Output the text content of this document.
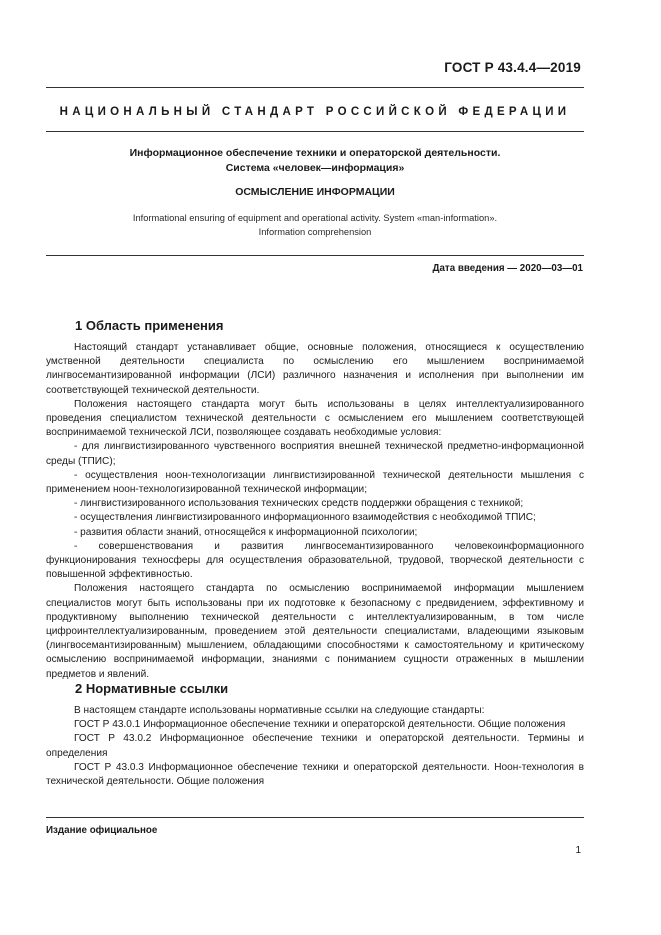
ГОСТ Р 43.4.4—2019
НАЦИОНАЛЬНЫЙ СТАНДАРТ РОССИЙСКОЙ ФЕДЕРАЦИИ
Информационное обеспечение техники и операторской деятельности.
Система «человек—информация»
ОСМЫСЛЕНИЕ ИНФОРМАЦИИ
Informational ensuring of equipment and operational activity. System «man-information».
Information comprehension
Дата введения — 2020—03—01
1 Область применения

Настоящий стандарт устанавливает общие, основные положения, относящиеся к осуществлению умственной деятельности специалиста по осмыслению его мышлением воспринимаемой лингвосемантизированной информации (ЛСИ) различного назначения и исполнения при выполнении им соответствующей технической деятельности.

Положения настоящего стандарта могут быть использованы в целях интеллектуализированного проведения специалистом технической деятельности с осмыслением его мышлением соответствующей воспринимаемой технической ЛСИ, позволяющее создавать необходимые условия:

- для лингвистизированного чувственного восприятия внешней технической предметно-информационной среды (ТПИС);

- осуществления ноон-технологизации лингвистизированной технической деятельности мышления с применением ноон-технологизированной технической информации;

- лингвистизированного использования технических средств поддержки обращения с техникой;

- осуществления лингвистизированного информационного взаимодействия с необходимой ТПИС;

- развития области знаний, относящейся к информационной психологии;

- совершенствования и развития лингвосемантизированного человекоинформационного функционирования техносферы для осуществления образовательной, трудовой, творческой деятельности с повышенной эффективностью.

Положения настоящего стандарта по осмыслению воспринимаемой информации мышлением специалистов могут быть использованы при их подготовке к безопасному с предвидением, эффективному и продуктивному выполнению технической деятельности с интеллектуализированным, в том числе цифроинтеллектуализированным, проведением этой деятельности специалистами, владеющими языковым (лингвосемантизированным) мышлением, обладающими способностями к самостоятельному и критическому осмыслению воспринимаемой информации, знаниями с пониманием сущности отраженных в мышлении предметов и явлений.

2 Нормативные ссылки

В настоящем стандарте использованы нормативные ссылки на следующие стандарты:

ГОСТ Р 43.0.1 Информационное обеспечение техники и операторской деятельности. Общие положения

ГОСТ Р 43.0.2 Информационное обеспечение техники и операторской деятельности. Термины и определения

ГОСТ Р 43.0.3 Информационное обеспечение техники и операторской деятельности. Ноон-технология в технической деятельности. Общие положения

Издание официальное
1
